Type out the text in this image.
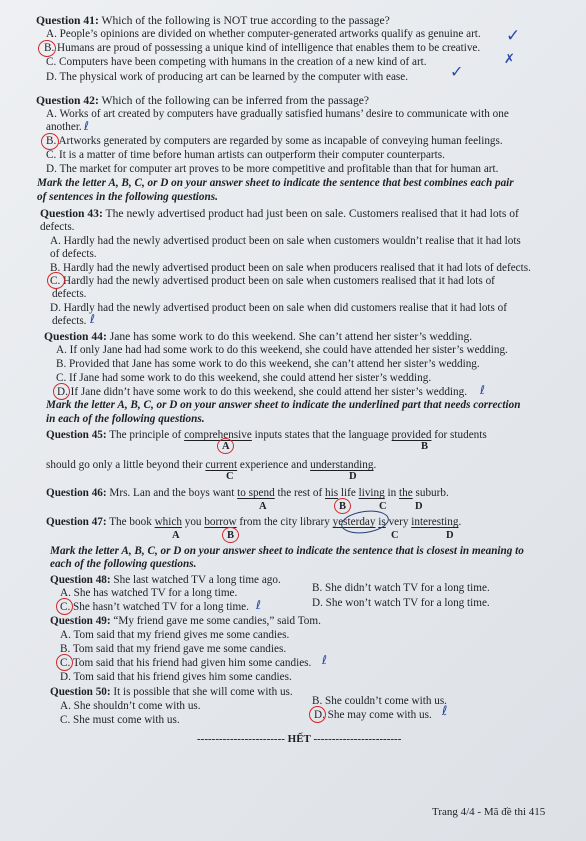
Question 41: Which of the following is NOT true according to the passage?
A. People’s opinions are divided on whether computer-generated artworks qualify as genuine art.
B. Humans are proud of possessing a unique kind of intelligence that enables them to be creative.
C. Computers have been competing with humans in the creation of a new kind of art.
D. The physical work of producing art can be learned by the computer with ease.
✓
✗
✓
Question 42: Which of the following can be inferred from the passage?
A. Works of art created by computers have gradually satisfied humans’ desire to communicate with one
another. ℓ
B. Artworks generated by computers are regarded by some as incapable of conveying human feelings.
C. It is a matter of time before human artists can outperform their computer counterparts.
D. The market for computer art proves to be more competitive and profitable than that for human art.
Mark the letter A, B, C, or D on your answer sheet to indicate the sentence that best combines each pair
of sentences in the following questions.
Question 43: The newly advertised product had just been on sale. Customers realised that it had lots of
defects.
A. Hardly had the newly advertised product been on sale when customers wouldn’t realise that it had lots
of defects.
B. Hardly had the newly advertised product been on sale when producers realised that it had lots of defects.
C. Hardly had the newly advertised product been on sale when customers realised that it had lots of
defects.
D. Hardly had the newly advertised product been on sale when did customers realise that it had lots of
defects. ℓ
Question 44: Jane has some work to do this weekend. She can’t attend her sister’s wedding.
A. If only Jane had had some work to do this weekend, she could have attended her sister’s wedding.
B. Provided that Jane has some work to do this weekend, she can’t attend her sister’s wedding.
C. If Jane had some work to do this weekend, she could attend her sister’s wedding.
D. If Jane didn’t have some work to do this weekend, she could attend her sister’s wedding. ℓ
Mark the letter A, B, C, or D on your answer sheet to indicate the underlined part that needs correction
in each of the following questions.
Question 45: The principle of comprehensive inputs states that the language provided for students
A	B
should go only a little beyond their current experience and understanding.
C	D
Question 46: Mrs. Lan and the boys want to spend the rest of his life living in the suburb.
A	B	C	D
Question 47: The book which you borrow from the city library yesterday is very interesting.
A	B	C	D
Mark the letter A, B, C, or D on your answer sheet to indicate the sentence that is closest in meaning to
each of the following questions.
Question 48: She last watched TV a long time ago.
A. She has watched TV for a long time.	B. She didn’t watch TV for a long time.
C. She hasn’t watched TV for a long time. ℓ	D. She won’t watch TV for a long time.
Question 49: “My friend gave me some candies,” said Tom.
A. Tom said that my friend gives me some candies.
B. Tom said that my friend gave me some candies.
C. Tom said that his friend had given him some candies. ℓ
D. Tom said that his friend gives him some candies.
Question 50: It is possible that she will come with us.
A. She shouldn’t come with us.	B. She couldn’t come with us.
C. She must come with us.	D. She may come with us. ℓ
------------------------ HẾT ------------------------
Trang 4/4 - Mã đề thi 415
